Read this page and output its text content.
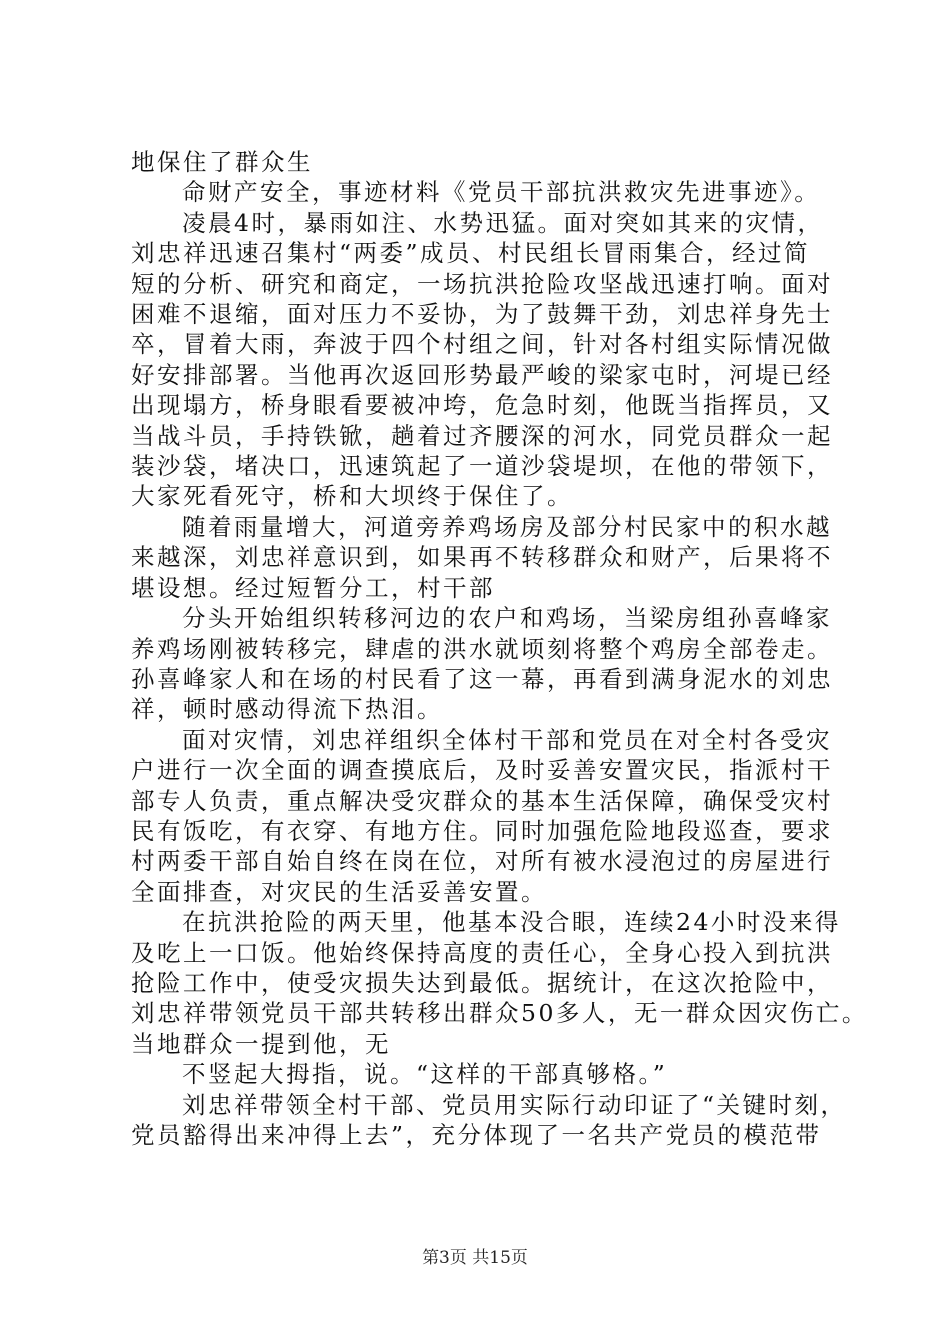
地保住了群众生

命财产安全，事迹材料《党员干部抗洪救灾先进事迹》。

凌晨4时，暴雨如注、水势迅猛。面对突如其来的灾情，

刘忠祥迅速召集村“两委”成员、村民组长冒雨集合，经过简

短的分析、研究和商定，一场抗洪抢险攻坚战迅速打响。面对

困难不退缩，面对压力不妥协，为了鼓舞干劲，刘忠祥身先士

卒，冒着大雨，奔波于四个村组之间，针对各村组实际情况做

好安排部署。当他再次返回形势最严峻的梁家屯时，河堤已经

出现塌方，桥身眼看要被冲垮，危急时刻，他既当指挥员，又

当战斗员，手持铁锨，趟着过齐腰深的河水，同党员群众一起

装沙袋，堵决口，迅速筑起了一道沙袋堤坝，在他的带领下，

大家死看死守，桥和大坝终于保住了。

随着雨量增大，河道旁养鸡场房及部分村民家中的积水越

来越深，刘忠祥意识到，如果再不转移群众和财产，后果将不

堪设想。经过短暂分工，村干部

分头开始组织转移河边的农户和鸡场，当梁房组孙喜峰家

养鸡场刚被转移完，肆虐的洪水就顷刻将整个鸡房全部卷走。

孙喜峰家人和在场的村民看了这一幕，再看到满身泥水的刘忠

祥，顿时感动得流下热泪。

面对灾情，刘忠祥组织全体村干部和党员在对全村各受灾

户进行一次全面的调查摸底后，及时妥善安置灾民，指派村干

部专人负责，重点解决受灾群众的基本生活保障，确保受灾村

民有饭吃，有衣穿、有地方住。同时加强危险地段巡查，要求

村两委干部自始自终在岗在位，对所有被水浸泡过的房屋进行

全面排查，对灾民的生活妥善安置。

在抗洪抢险的两天里，他基本没合眼，连续24小时没来得

及吃上一口饭。他始终保持高度的责任心，全身心投入到抗洪

抢险工作中，使受灾损失达到最低。据统计，在这次抢险中，

刘忠祥带领党员干部共转移出群众50多人，无一群众因灾伤亡。

当地群众一提到他，无

不竖起大拇指，说。“这样的干部真够格。”

刘忠祥带领全村干部、党员用实际行动印证了“关键时刻，

党员豁得出来冲得上去”，充分体现了一名共产党员的模范带

第3页 共15页
